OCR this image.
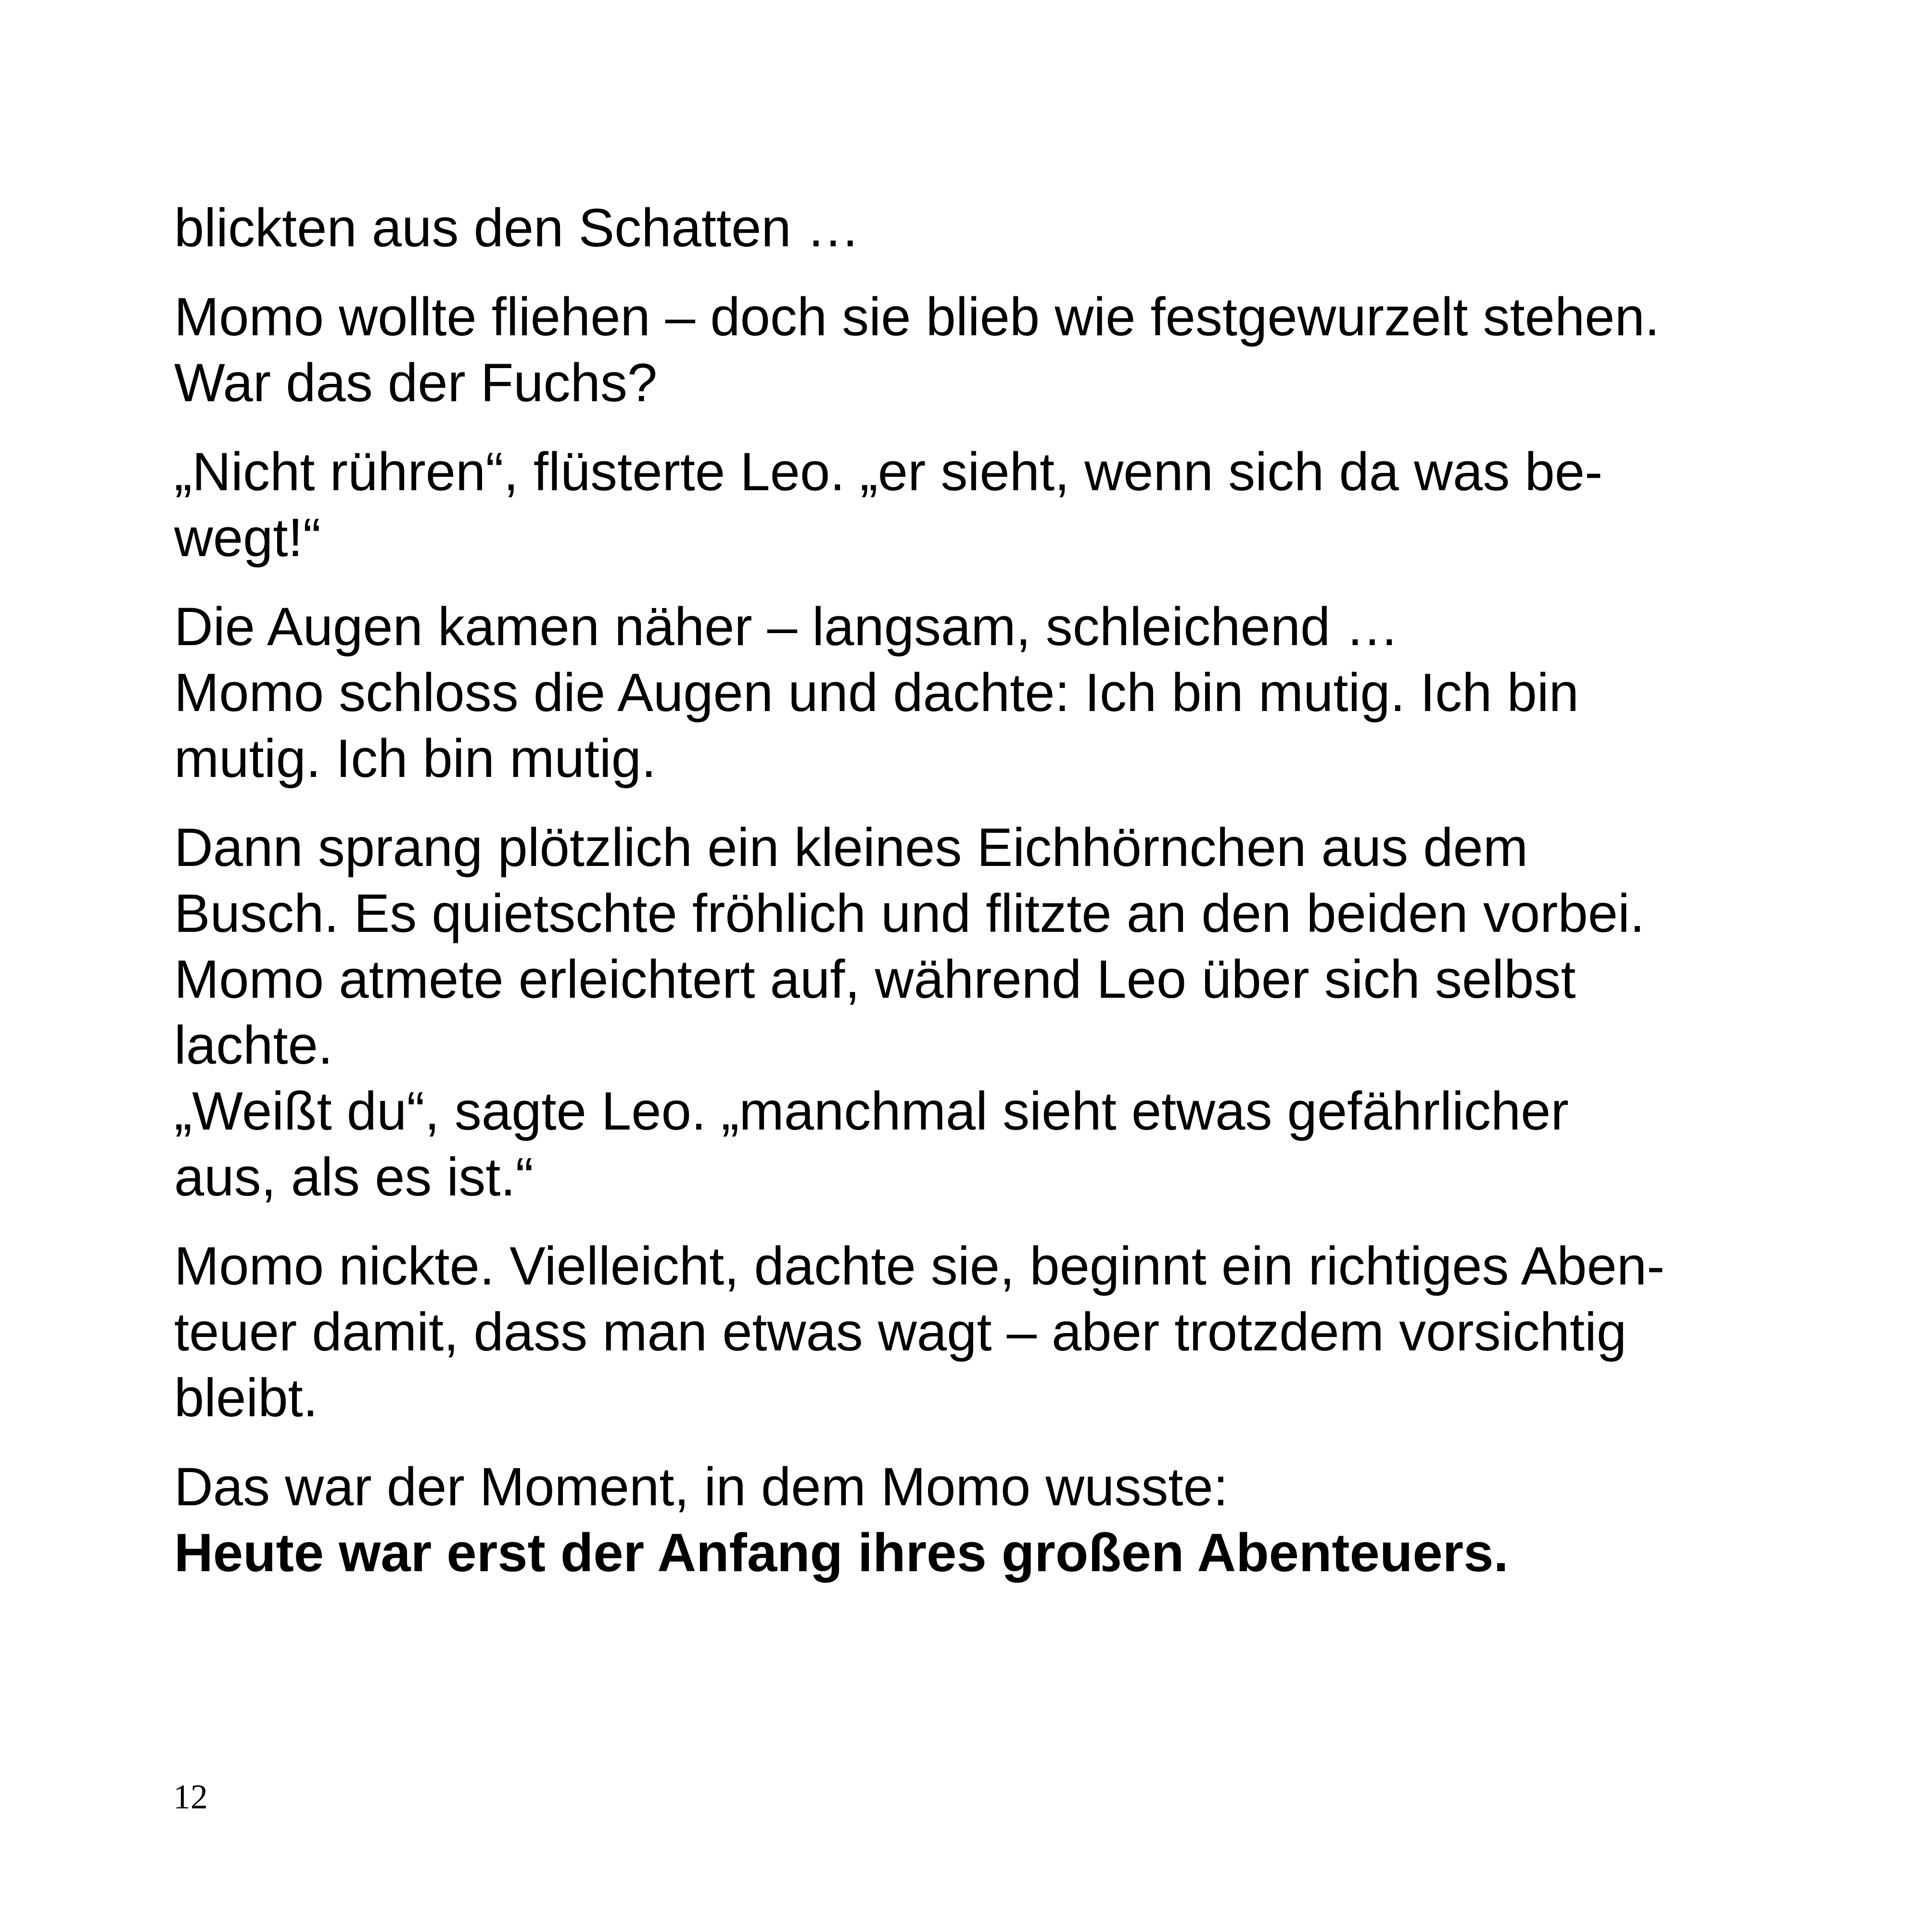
blickten aus den Schatten …

Momo wollte fliehen – doch sie blieb wie festgewurzelt stehen.
War das der Fuchs?

„Nicht rühren“, flüsterte Leo. „er sieht, wenn sich da was be-
wegt!“

Die Augen kamen näher – langsam, schleichend …
Momo schloss die Augen und dachte: Ich bin mutig. Ich bin
mutig. Ich bin mutig.

Dann sprang plötzlich ein kleines Eichhörnchen aus dem
Busch. Es quietschte fröhlich und flitzte an den beiden vorbei.
Momo atmete erleichtert auf, während Leo über sich selbst
lachte.
„Weißt du“, sagte Leo. „manchmal sieht etwas gefährlicher
aus, als es ist.“

Momo nickte. Vielleicht, dachte sie, beginnt ein richtiges Aben-
teuer damit, dass man etwas wagt – aber trotzdem vorsichtig
bleibt.

Das war der Moment, in dem Momo wusste:
Heute war erst der Anfang ihres großen Abenteuers.

12
